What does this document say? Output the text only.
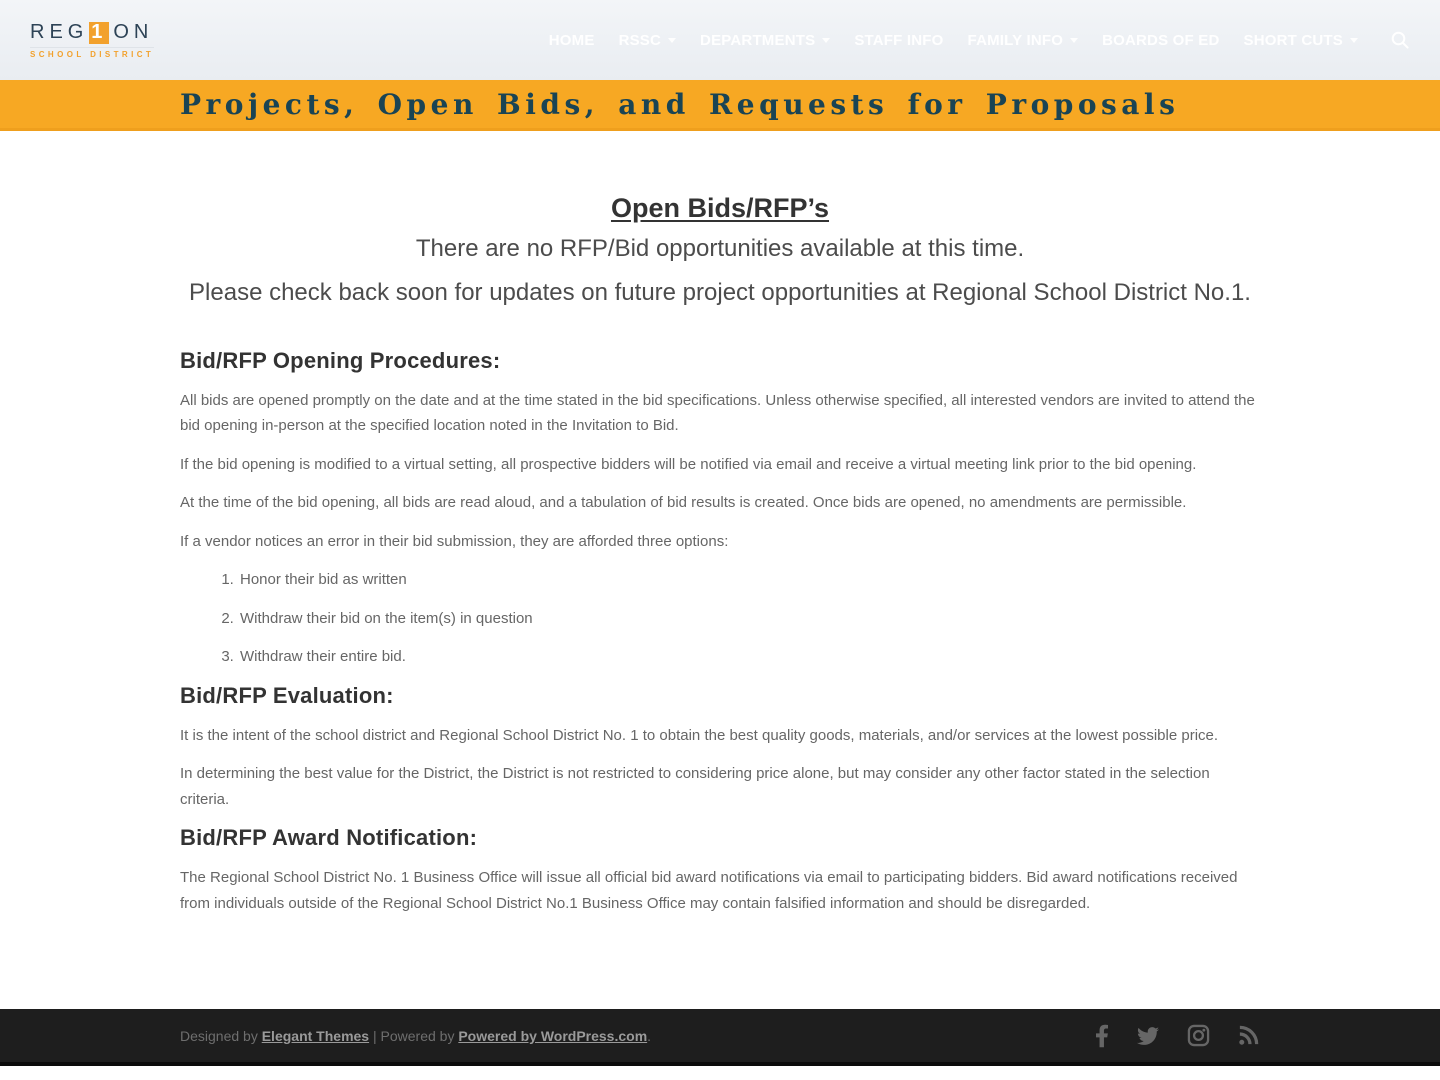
REG 1 ON
SCHOOL DISTRICT
HOME RSSC	DEPARTMENTS	STAFF INFO FAMILY INFO	BOARDS OF ED SHORT CUTS
Projects, Open Bids, and Requests for Proposals
Open Bids/RFP’s

There are no RFP/Bid opportunities available at this time.

Please check back soon for updates on future project opportunities at Regional School District No.1.

Bid/RFP Opening Procedures:

All bids are opened promptly on the date and at the time stated in the bid specifications. Unless otherwise specified, all interested vendors are invited to attend the bid opening in-person at the specified location noted in the Invitation to Bid.

If the bid opening is modified to a virtual setting, all prospective bidders will be notified via email and receive a virtual meeting link prior to the bid opening.

At the time of the bid opening, all bids are read aloud, and a tabulation of bid results is created. Once bids are opened, no amendments are permissible.

If a vendor notices an error in their bid submission, they are afforded three options:

1. Honor their bid as written
2. Withdraw their bid on the item(s) in question
3. Withdraw their entire bid.
Bid/RFP Evaluation:

It is the intent of the school district and Regional School District No. 1 to obtain the best quality goods, materials, and/or services at the lowest possible price.

In determining the best value for the District, the District is not restricted to considering price alone, but may consider any other factor stated in the selection criteria.

Bid/RFP Award Notification:

The Regional School District No. 1 Business Office will issue all official bid award notifications via email to participating bidders. Bid award notifications received from individuals outside of the Regional School District No.1 Business Office may contain falsified information and should be disregarded.

Designed by Elegant Themes | Powered by Powered by WordPress.com.
